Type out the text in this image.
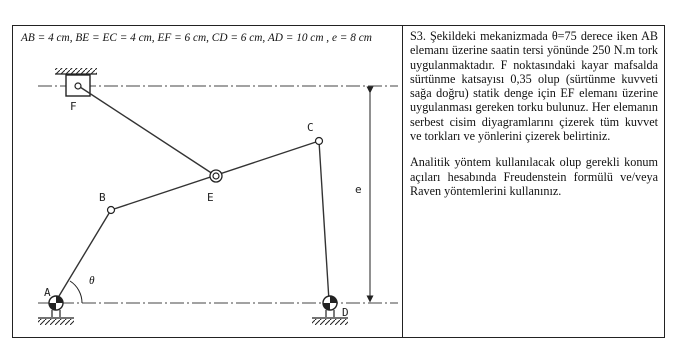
AB = 4 cm, BE = EC = 4 cm, EF = 6 cm, CD = 6 cm, AD = 10 cm , e = 8 cm
e
F
B
C
E
θ
A
D

S3. Şekildeki mekanizmada θ=75 derece iken AB elemanı üzerine saatin tersi yönünde 250 N.m tork uygulanmaktadır. F noktasındaki kayar mafsalda sürtünme katsayısı 0,35 olup (sürtünme kuvveti sağa doğru) statik denge için EF elemanı üzerine uygulanması gereken torku bulunuz. Her elemanın serbest cisim diyagramlarını çizerek tüm kuvvet ve torkları ve yönlerini çizerek belirtiniz.

Analitik yöntem kullanılacak olup gerekli konum açıları hesabında Freudenstein formülü ve/veya Raven yöntemlerini kullanınız.
